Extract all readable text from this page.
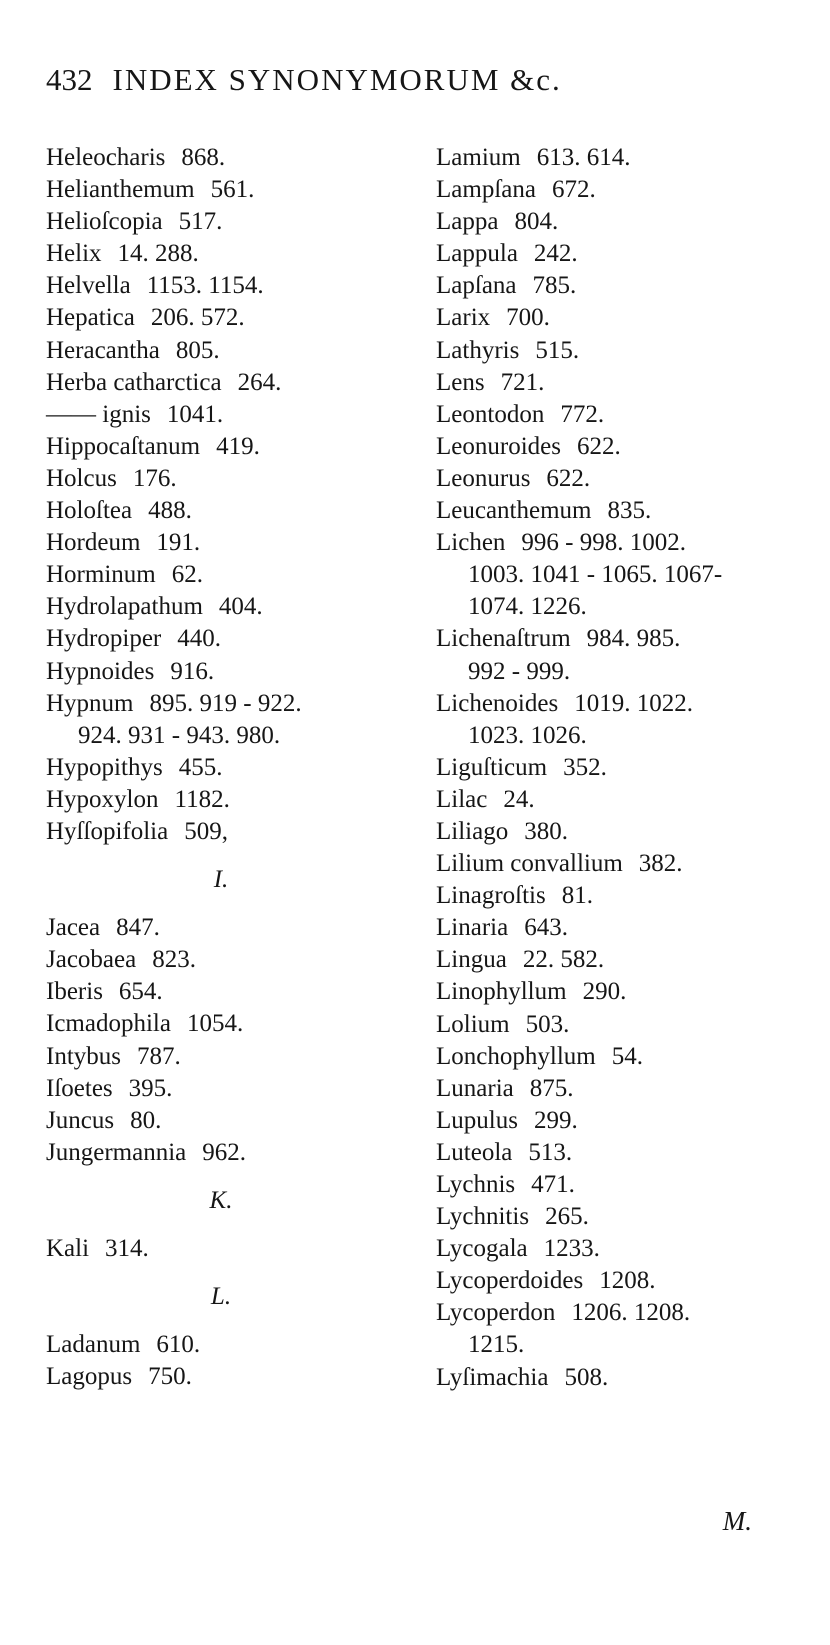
432 INDEX SYNONYMORUM &c.
Heleocharis 868.
Helianthemum 561.
Helioſcopia 517.
Helix 14. 288.
Helvella 1153. 1154.
Hepatica 206. 572.
Heracantha 805.
Herba catharctica 264.
—— ignis 1041.
Hippocaſtanum 419.
Holcus 176.
Holoſtea 488.
Hordeum 191.
Horminum 62.
Hydrolapathum 404.
Hydropiper 440.
Hypnoides 916.
Hypnum 895. 919 - 922.
924. 931 - 943. 980.
Hypopithys 455.
Hypoxylon 1182.
Hyſſopifolia 509,
I.
Jacea 847.
Jacobaea 823.
Iberis 654.
Icmadophila 1054.
Intybus 787.
Iſoetes 395.
Juncus 80.
Jungermannia 962.
K.
Kali 314.
L.
Ladanum 610.
Lagopus 750.
Lamium 613. 614.
Lampſana 672.
Lappa 804.
Lappula 242.
Lapſana 785.
Larix 700.
Lathyris 515.
Lens 721.
Leontodon 772.
Leonuroides 622.
Leonurus 622.
Leucanthemum 835.
Lichen 996 - 998. 1002.
1003. 1041 - 1065. 1067-
1074. 1226.
Lichenaſtrum 984. 985.
992 - 999.
Lichenoides 1019. 1022.
1023. 1026.
Liguſticum 352.
Lilac 24.
Liliago 380.
Lilium convallium 382.
Linagroſtis 81.
Linaria 643.
Lingua 22. 582.
Linophyllum 290.
Lolium 503.
Lonchophyllum 54.
Lunaria 875.
Lupulus 299.
Luteola 513.
Lychnis 471.
Lychnitis 265.
Lycogala 1233.
Lycoperdoides 1208.
Lycoperdon 1206. 1208.
1215.
Lyſimachia 508.
M.
